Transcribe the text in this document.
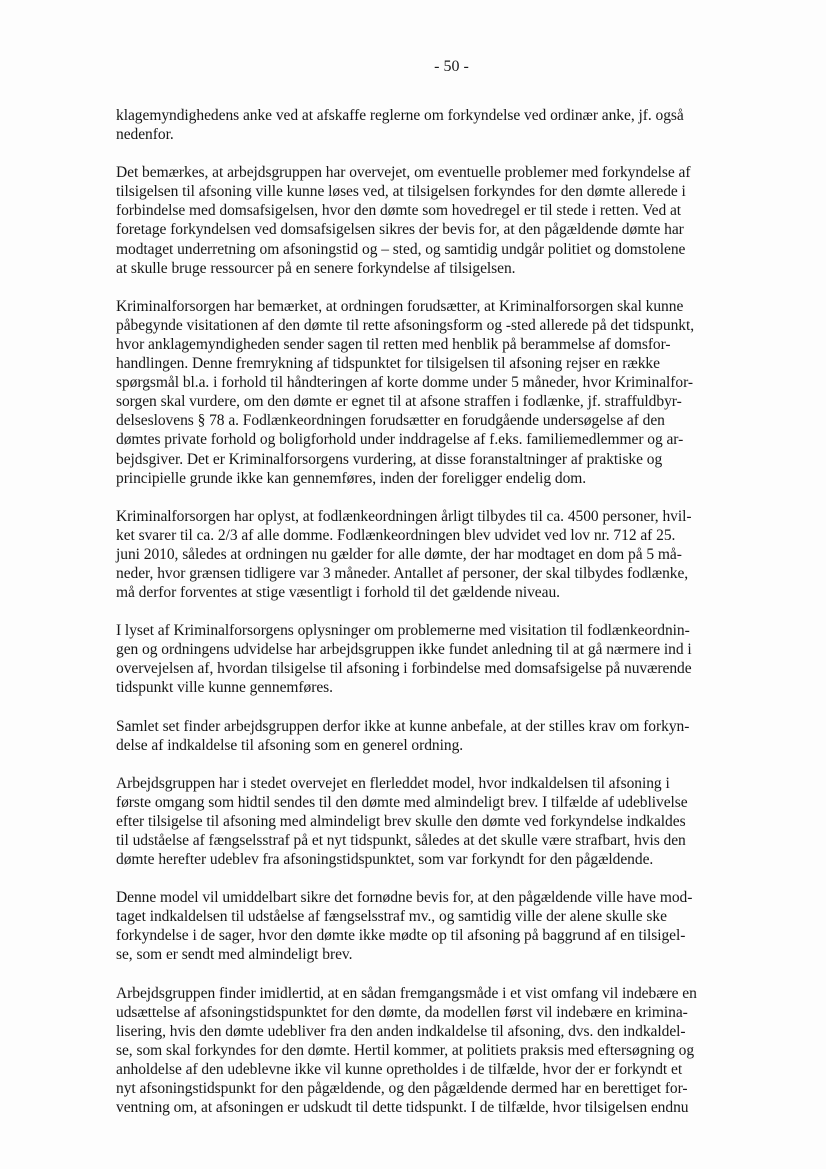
- 50 -
klagemyndighedens anke ved at afskaffe reglerne om forkyndelse ved ordinær anke, jf. også
nedenfor.
Det bemærkes, at arbejdsgruppen har overvejet, om eventuelle problemer med forkyndelse af
tilsigelsen til afsoning ville kunne løses ved, at tilsigelsen forkyndes for den dømte allerede i
forbindelse med domsafsigelsen, hvor den dømte som hovedregel er til stede i retten. Ved at
foretage forkyndelsen ved domsafsigelsen sikres der bevis for, at den pågældende dømte har
modtaget underretning om afsoningstid og – sted, og samtidig undgår politiet og domstolene
at skulle bruge ressourcer på en senere forkyndelse af tilsigelsen.
Kriminalforsorgen har bemærket, at ordningen forudsætter, at Kriminalforsorgen skal kunne
påbegynde visitationen af den dømte til rette afsoningsform og -sted allerede på det tidspunkt,
hvor anklagemyndigheden sender sagen til retten med henblik på berammelse af domsfor-
handlingen. Denne fremrykning af tidspunktet for tilsigelsen til afsoning rejser en række
spørgsmål bl.a. i forhold til håndteringen af korte domme under 5 måneder, hvor Kriminalfor-
sorgen skal vurdere, om den dømte er egnet til at afsone straffen i fodlænke, jf. straffuldbyr-
delseslovens § 78 a. Fodlænkeordningen forudsætter en forudgående undersøgelse af den
dømtes private forhold og boligforhold under inddragelse af f.eks. familiemedlemmer og ar-
bejdsgiver. Det er Kriminalforsorgens vurdering, at disse foranstaltninger af praktiske og
principielle grunde ikke kan gennemføres, inden der foreligger endelig dom.
Kriminalforsorgen har oplyst, at fodlænkeordningen årligt tilbydes til ca. 4500 personer, hvil-
ket svarer til ca. 2/3 af alle domme. Fodlænkeordningen blev udvidet ved lov nr. 712 af 25.
juni 2010, således at ordningen nu gælder for alle dømte, der har modtaget en dom på 5 må-
neder, hvor grænsen tidligere var 3 måneder. Antallet af personer, der skal tilbydes fodlænke,
må derfor forventes at stige væsentligt i forhold til det gældende niveau.
I lyset af Kriminalforsorgens oplysninger om problemerne med visitation til fodlænkeordnin-
gen og ordningens udvidelse har arbejdsgruppen ikke fundet anledning til at gå nærmere ind i
overvejelsen af, hvordan tilsigelse til afsoning i forbindelse med domsafsigelse på nuværende
tidspunkt ville kunne gennemføres.
Samlet set finder arbejdsgruppen derfor ikke at kunne anbefale, at der stilles krav om forkyn-
delse af indkaldelse til afsoning som en generel ordning.
Arbejdsgruppen har i stedet overvejet en flerleddet model, hvor indkaldelsen til afsoning i
første omgang som hidtil sendes til den dømte med almindeligt brev. I tilfælde af udeblivelse
efter tilsigelse til afsoning med almindeligt brev skulle den dømte ved forkyndelse indkaldes
til udståelse af fængselsstraf på et nyt tidspunkt, således at det skulle være strafbart, hvis den
dømte herefter udeblev fra afsoningstidspunktet, som var forkyndt for den pågældende.
Denne model vil umiddelbart sikre det fornødne bevis for, at den pågældende ville have mod-
taget indkaldelsen til udståelse af fængselsstraf mv., og samtidig ville der alene skulle ske
forkyndelse i de sager, hvor den dømte ikke mødte op til afsoning på baggrund af en tilsigel-
se, som er sendt med almindeligt brev.
Arbejdsgruppen finder imidlertid, at en sådan fremgangsmåde i et vist omfang vil indebære en
udsættelse af afsoningstidspunktet for den dømte, da modellen først vil indebære en krimina-
lisering, hvis den dømte udebliver fra den anden indkaldelse til afsoning, dvs. den indkaldel-
se, som skal forkyndes for den dømte. Hertil kommer, at politiets praksis med eftersøgning og
anholdelse af den udeblevne ikke vil kunne opretholdes i de tilfælde, hvor der er forkyndt et
nyt afsoningstidspunkt for den pågældende, og den pågældende dermed har en berettiget for-
ventning om, at afsoningen er udskudt til dette tidspunkt. I de tilfælde, hvor tilsigelsen endnu
